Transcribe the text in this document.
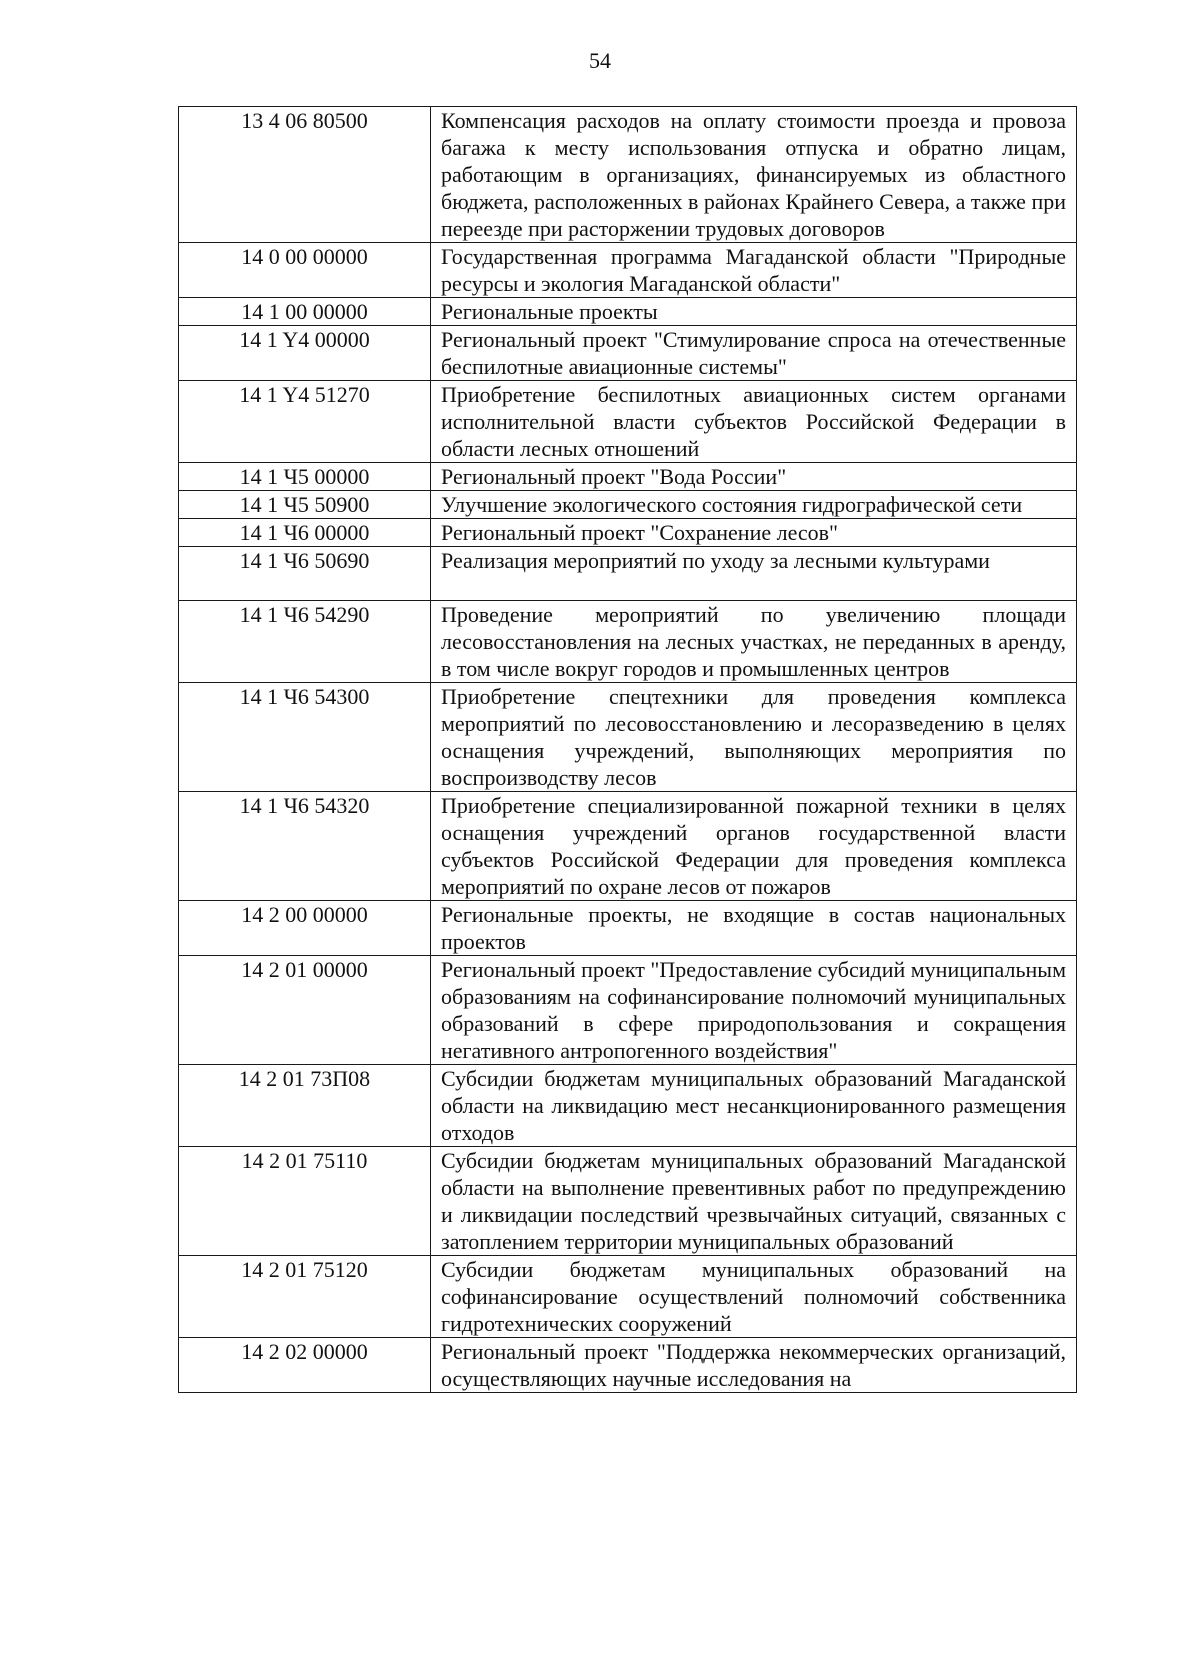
54
13 4 06 80500	Компенсация расходов на оплату стоимости проезда и провоза багажа к месту использования отпуска и обратно лицам, работающим в организациях, финансируемых из областного бюджета, расположенных в районах Крайнего Севера, а также при переезде при расторжении трудовых договоров
14 0 00 00000	Государственная программа Магаданской области "Природные ресурсы и экология Магаданской области"
14 1 00 00000	Региональные проекты
14 1 Y4 00000	Региональный проект "Стимулирование спроса на отечественные беспилотные авиационные системы"
14 1 Y4 51270	Приобретение беспилотных авиационных систем органами исполнительной власти субъектов Российской Федерации в области лесных отношений
14 1 Ч5 00000	Региональный проект "Вода России"
14 1 Ч5 50900	Улучшение экологического состояния гидрографической сети
14 1 Ч6 00000	Региональный проект "Сохранение лесов"
14 1 Ч6 50690	Реализация мероприятий по уходу за лесными культурами
14 1 Ч6 54290	Проведение мероприятий по увеличению площади лесовосстановления на лесных участках, не переданных в аренду, в том числе вокруг городов и промышленных центров
14 1 Ч6 54300	Приобретение спецтехники для проведения комплекса мероприятий по лесовосстановлению и лесоразведению в целях оснащения учреждений, выполняющих мероприятия по воспроизводству лесов
14 1 Ч6 54320	Приобретение специализированной пожарной техники в целях оснащения учреждений органов государственной власти субъектов Российской Федерации для проведения комплекса мероприятий по охране лесов от пожаров
14 2 00 00000	Региональные проекты, не входящие в состав национальных проектов
14 2 01 00000	Региональный проект "Предоставление субсидий муниципальным образованиям на софинансирование полномочий муниципальных образований в сфере природопользования и сокращения негативного антропогенного воздействия"
14 2 01 73П08	Субсидии бюджетам муниципальных образований Магаданской области на ликвидацию мест несанкционированного размещения отходов
14 2 01 75110	Субсидии бюджетам муниципальных образований Магаданской области на выполнение превентивных работ по предупреждению и ликвидации последствий чрезвычайных ситуаций, связанных с затоплением территории муниципальных образований
14 2 01 75120	Субсидии бюджетам муниципальных образований на софинансирование осуществлений полномочий собственника гидротехнических сооружений
14 2 02 00000	Региональный проект "Поддержка некоммерческих организаций, осуществляющих научные исследования на
